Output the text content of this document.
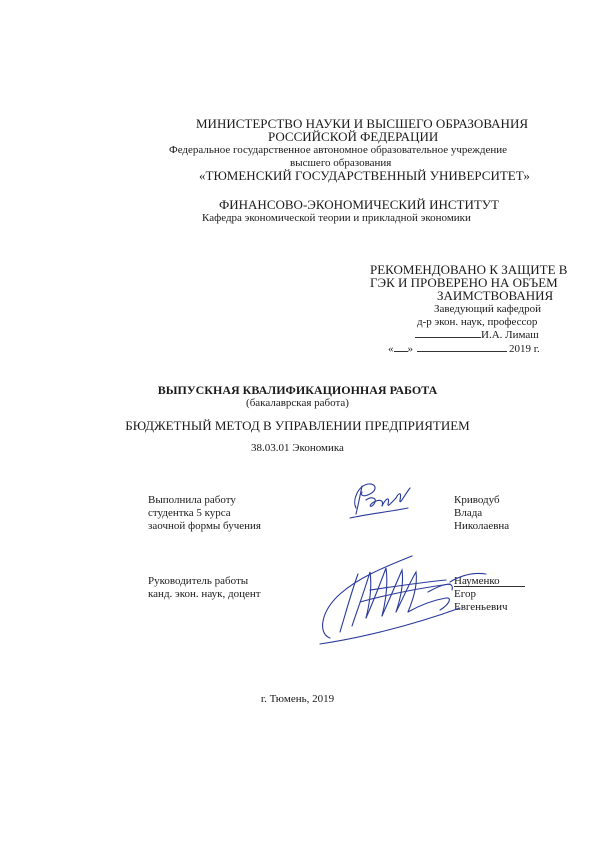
МИНИСТЕРСТВО НАУКИ И ВЫСШЕГО ОБРАЗОВАНИЯ
РОССИЙСКОЙ ФЕДЕРАЦИИ
Федеральное государственное автономное образовательное учреждение
высшего образования
«ТЮМЕНСКИЙ ГОСУДАРСТВЕННЫЙ УНИВЕРСИТЕТ»
ФИНАНСОВО-ЭКОНОМИЧЕСКИЙ ИНСТИТУТ
Кафедра экономической теории и прикладной экономики
РЕКОМЕНДОВАНО К ЗАЩИТЕ В
ГЭК И ПРОВЕРЕНО НА ОБЪЕМ
ЗАИМСТВОВАНИЯ
Заведующий кафедрой
д-р экон. наук, профессор
И.А. Лимаш
« »	2019 г.
ВЫПУСКНАЯ КВАЛИФИКАЦИОННАЯ РАБОТА
(бакалаврская работа)
БЮДЖЕТНЫЙ МЕТОД В УПРАВЛЕНИИ ПРЕДПРИЯТИЕМ
38.03.01 Экономика
Выполнила работу
студентка 5 курса
заочной формы бучения
Криводуб
Влада
Николаевна
Руководитель работы
канд. экон. наук, доцент
Науменко
Егор
Евгеньевич
г. Тюмень, 2019
